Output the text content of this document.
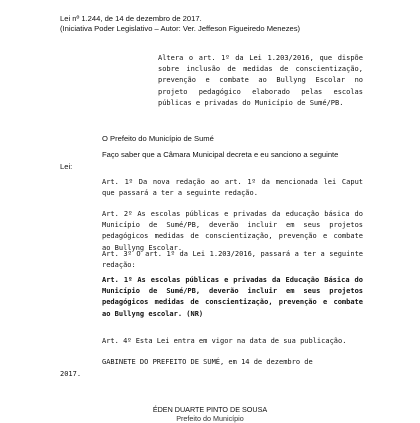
Lei nº 1.244, de 14 de dezembro de 2017.
(Iniciativa Poder Legislativo – Autor: Ver. Jeffeson Figueiredo Menezes)
Altera o art. 1º da Lei 1.203/2016, que dispõe sobre inclusão de medidas de conscientização, prevenção e combate ao Bullyng Escolar no projeto pedagógico elaborado pelas escolas públicas e privadas do Município de Sumé/PB.
O Prefeito do Município de Sumé
Faço saber que a Câmara Municipal decreta e eu sanciono a seguinte
Lei:
Art. 1º Da nova redação ao art. 1º da mencionada lei Caput que passará a ter a seguinte redação.
Art. 2º As escolas públicas e privadas da educação básica do Município de Sumé/PB, deverão incluir em seus projetos pedagógicos medidas de conscientização, prevenção e combate ao Bullyng Escolar.
Art. 3º O art. 1º da Lei 1.203/2016, passará a ter a seguinte redação:
Art. 1º As escolas públicas e privadas da Educação Básica do Município de Sumé/PB, deverão incluir em seus projetos pedagógicos medidas de conscientização, prevenção e combate ao Bullyng escolar. (NR)
Art. 4º Esta Lei entra em vigor na data de sua publicação.
GABINETE DO PREFEITO DE SUMÉ, em 14 de dezembro de
2017.
ÉDEN DUARTE PINTO DE SOUSA
Prefeito do Município
